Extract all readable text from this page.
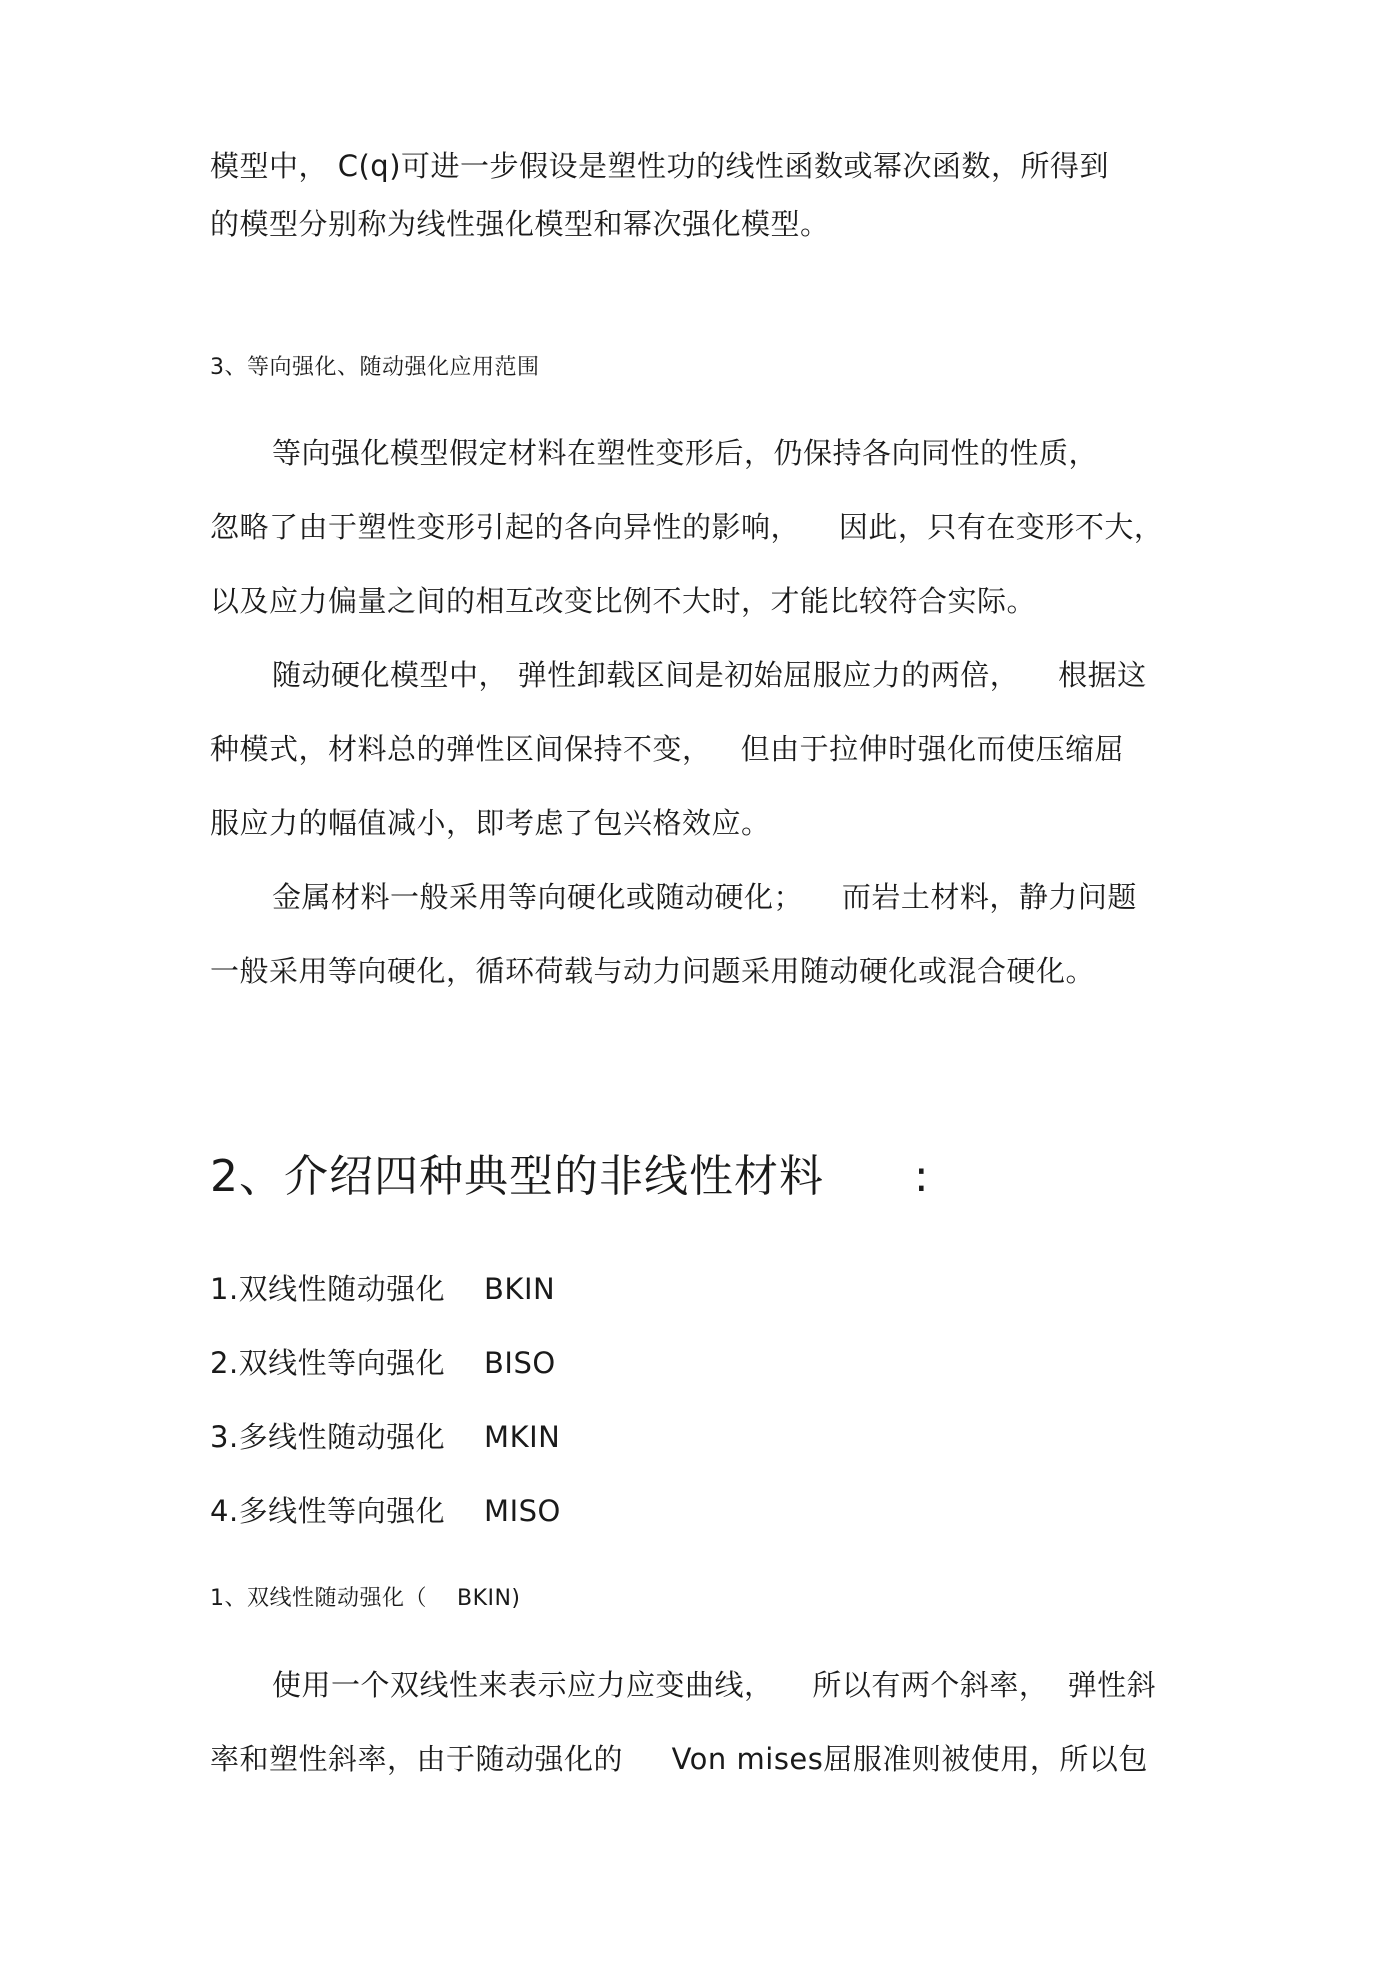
模型中， C(q)可进一步假设是塑性功的线性函数或幂次函数，所得到
的模型分别称为线性强化模型和幂次强化模型。
3、等向强化、随动强化应用范围
等向强化模型假定材料在塑性变形后，仍保持各向同性的性质，
忽略了由于塑性变形引起的各向异性的影响，    因此，只有在变形不大，
以及应力偏量之间的相互改变比例不大时，才能比较符合实际。
随动硬化模型中， 弹性卸载区间是初始屈服应力的两倍，    根据这
种模式，材料总的弹性区间保持不变，   但由于拉伸时强化而使压缩屈
服应力的幅值减小，即考虑了包兴格效应。
金属材料一般采用等向硬化或随动硬化；    而岩土材料，静力问题
一般采用等向硬化，循环荷载与动力问题采用随动硬化或混合硬化。
2、介绍四种典型的非线性材料      :
1.双线性随动强化    BKIN
2.双线性等向强化    BISO
3.多线性随动强化    MKIN
4.多线性等向强化    MISO
1、双线性随动强化（    BKIN)
使用一个双线性来表示应力应变曲线，    所以有两个斜率，  弹性斜
率和塑性斜率，由于随动强化的     Von mises屈服准则被使用，所以包
